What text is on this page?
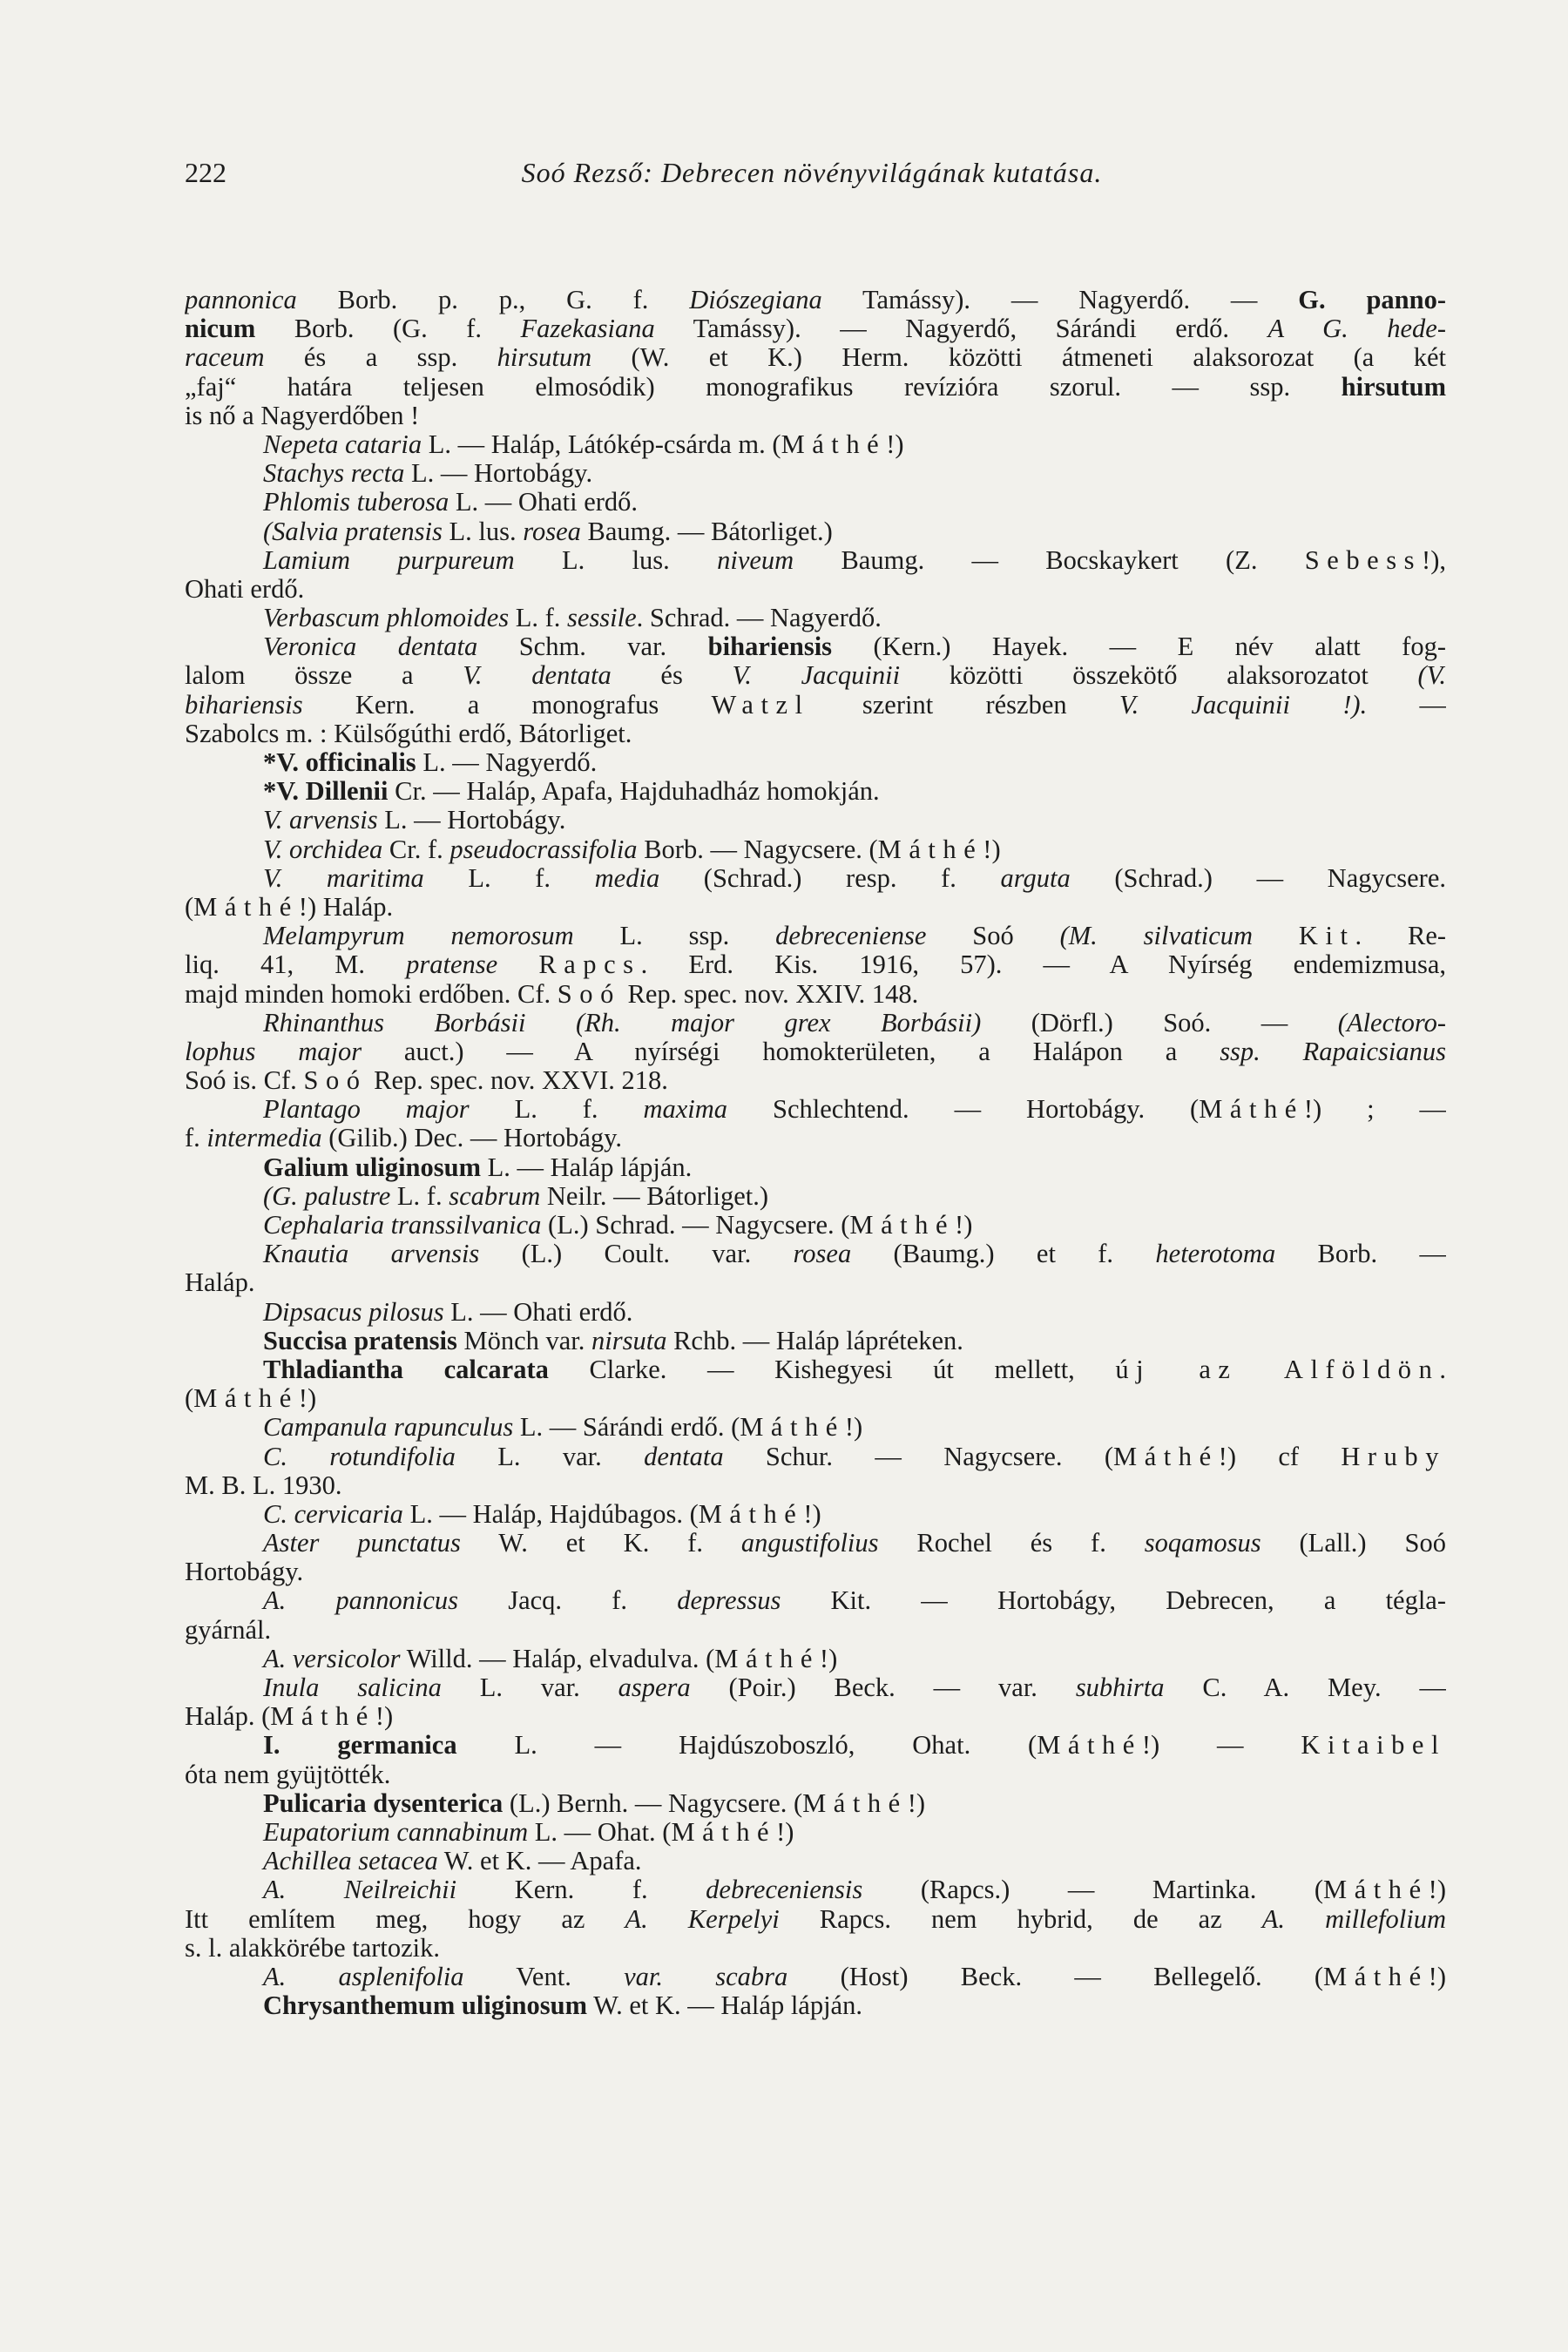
222	Soó Rezső: Debrecen növényvilágának kutatása.
pannonica Borb. p. p., G. f. Diószegiana Tamássy). — Nagyerdő. — G. panno-
nicum Borb. (G. f. Fazekasiana Tamássy). — Nagyerdő, Sárándi erdő. A G. hede-
raceum és a ssp. hirsutum (W. et K.) Herm. közötti átmeneti alaksorozat (a két
„faj“ határa teljesen elmosódik) monografikus revízióra szorul. — ssp. hirsutum
is nő a Nagyerdőben !
Nepeta cataria L. — Haláp, Látókép-csárda m. (Máthé!)
Stachys recta L. — Hortobágy.
Phlomis tuberosa L. — Ohati erdő.
(Salvia pratensis L. lus. rosea Baumg. — Bátorliget.)
Lamium purpureum L. lus. niveum Baumg. — Bocskaykert (Z. Sebess!),
Ohati erdő.
Verbascum phlomoides L. f. sessile. Schrad. — Nagyerdő.
Veronica dentata Schm. var. bihariensis (Kern.) Hayek. — E név alatt fog-
lalom össze a V. dentata és V. Jacquinii közötti összekötő alaksorozatot (V.
bihariensis Kern. a monografus Watzl szerint részben V. Jacquinii !). —
Szabolcs m. : Külsőgúthi erdő, Bátorliget.
*V. officinalis L. — Nagyerdő.
*V. Dillenii Cr. — Haláp, Apafa, Hajduhadház homokján.
V. arvensis L. — Hortobágy.
V. orchidea Cr. f. pseudocrassifolia Borb. — Nagycsere. (Máthé!)
V. maritima L. f. media (Schrad.) resp. f. arguta (Schrad.) — Nagycsere.
(Máthé!) Haláp.
Melampyrum nemorosum L. ssp. debreceniense Soó (M. silvaticum Kit. Re-
liq. 41, M. pratense Rapcs. Erd. Kis. 1916, 57). — A Nyírség endemizmusa,
majd minden homoki erdőben. Cf. Soó Rep. spec. nov. XXIV. 148.
Rhinanthus Borbásii (Rh. major grex Borbásii) (Dörfl.) Soó. — (Alectoro-
lophus major auct.) — A nyírségi homokterületen, a Halápon a ssp. Rapaicsianus
Soó is. Cf. Soó Rep. spec. nov. XXVI. 218.
Plantago major L. f. maxima Schlechtend. — Hortobágy. (Máthé!) ; —
f. intermedia (Gilib.) Dec. — Hortobágy.
Galium uliginosum L. — Haláp lápján.
(G. palustre L. f. scabrum Neilr. — Bátorliget.)
Cephalaria transsilvanica (L.) Schrad. — Nagycsere. (Máthé!)
Knautia arvensis (L.) Coult. var. rosea (Baumg.) et f. heterotoma Borb. —
Haláp.
Dipsacus pilosus L. — Ohati erdő.
Succisa pratensis Mönch var. nirsuta Rchb. — Haláp lápréteken.
Thladiantha calcarata Clarke. — Kishegyesi út mellett, új az Alföldön.
(Máthé!)
Campanula rapunculus L. — Sárándi erdő. (Máthé!)
C. rotundifolia L. var. dentata Schur. — Nagycsere. (Máthé!) cf Hruby
M. B. L. 1930.
C. cervicaria L. — Haláp, Hajdúbagos. (Máthé!)
Aster punctatus W. et K. f. angustifolius Rochel és f. soqamosus (Lall.) Soó
Hortobágy.
A. pannonicus Jacq. f. depressus Kit. — Hortobágy, Debrecen, a tégla-
gyárnál.
A. versicolor Willd. — Haláp, elvadulva. (Máthé!)
Inula salicina L. var. aspera (Poir.) Beck. — var. subhirta C. A. Mey. —
Haláp. (Máthé!)
I. germanica L. — Hajdúszoboszló, Ohat. (Máthé!) — Kitaibel
óta nem gyüjtötték.
Pulicaria dysenterica (L.) Bernh. — Nagycsere. (Máthé!)
Eupatorium cannabinum L. — Ohat. (Máthé!)
Achillea setacea W. et K. — Apafa.
A. Neilreichii Kern. f. debreceniensis (Rapcs.) — Martinka. (Máthé!)
Itt említem meg, hogy az A. Kerpelyi Rapcs. nem hybrid, de az A. millefolium
s. l. alakkörébe tartozik.
A. asplenifolia Vent. var. scabra (Host) Beck. — Bellegelő. (Máthé!)
Chrysanthemum uliginosum W. et K. — Haláp lápján.
